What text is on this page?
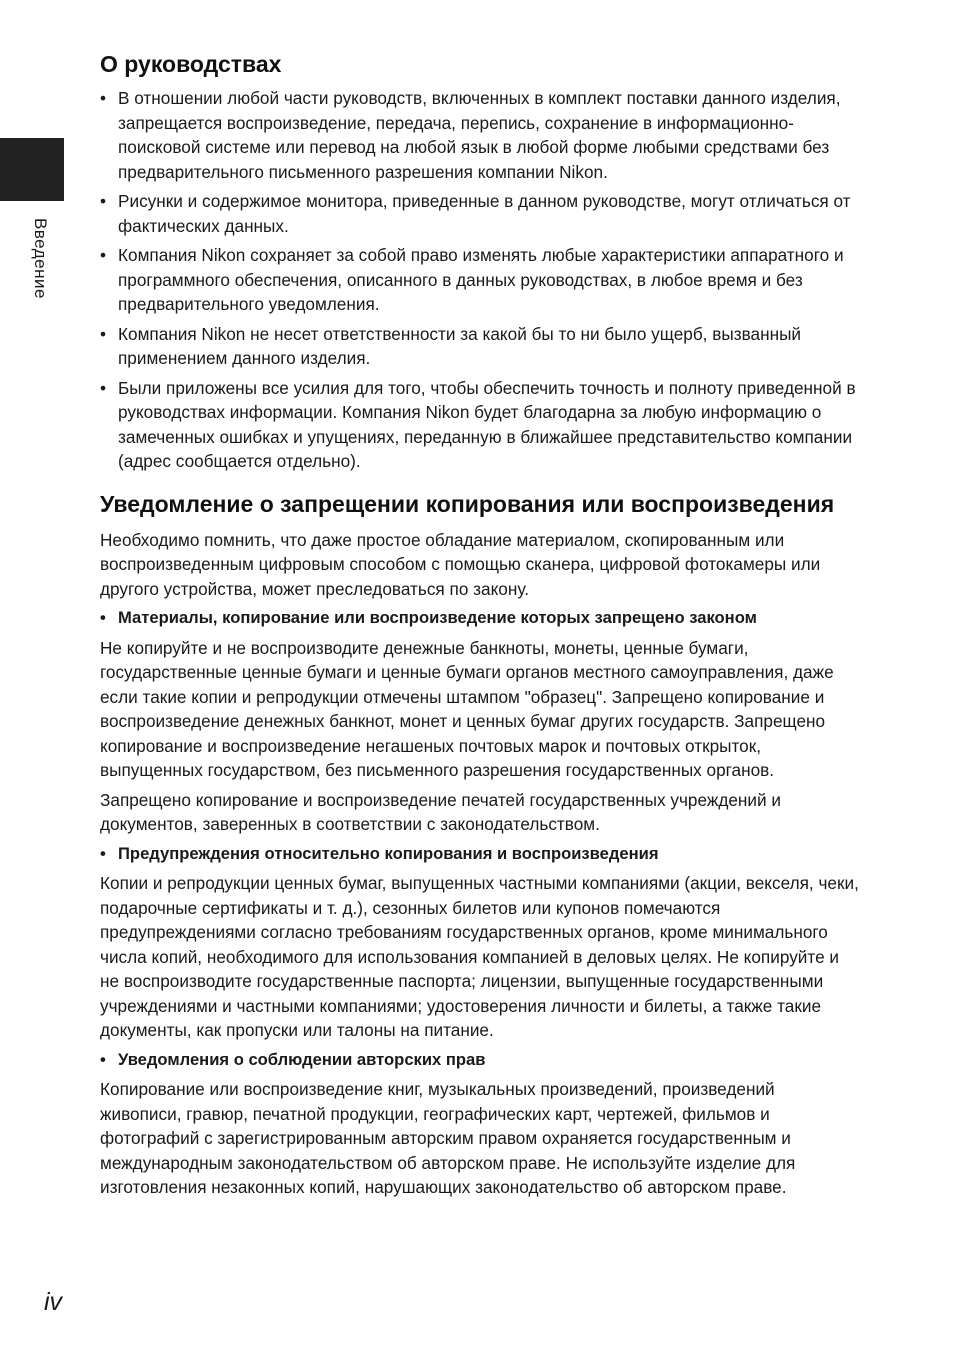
Введение
О руководствах
• В отношении любой части руководств, включенных в комплект поставки данного изделия, запрещается воспроизведение, передача, перепись, сохранение в информационно-поисковой системе или перевод на любой язык в любой форме любыми средствами без предварительного письменного разрешения компании Nikon.
• Рисунки и содержимое монитора, приведенные в данном руководстве, могут отличаться от фактических данных.
• Компания Nikon сохраняет за собой право изменять любые характеристики аппаратного и программного обеспечения, описанного в данных руководствах, в любое время и без предварительного уведомления.
• Компания Nikon не несет ответственности за какой бы то ни было ущерб, вызванный применением данного изделия.
• Были приложены все усилия для того, чтобы обеспечить точность и полноту приведенной в руководствах информации. Компания Nikon будет благодарна за любую информацию о замеченных ошибках и упущениях, переданную в ближайшее представительство компании (адрес сообщается отдельно).
Уведомление о запрещении копирования или воспроизведения

Необходимо помнить, что даже простое обладание материалом, скопированным или воспроизведенным цифровым способом с помощью сканера, цифровой фотокамеры или другого устройства, может преследоваться по закону.

• Материалы, копирование или воспроизведение которых запрещено законом

Не копируйте и не воспроизводите денежные банкноты, монеты, ценные бумаги, государственные ценные бумаги и ценные бумаги органов местного самоуправления, даже если такие копии и репродукции отмечены штампом "образец". Запрещено копирование и воспроизведение денежных банкнот, монет и ценных бумаг других государств. Запрещено копирование и воспроизведение негашеных почтовых марок и почтовых открыток, выпущенных государством, без письменного разрешения государственных органов.

Запрещено копирование и воспроизведение печатей государственных учреждений и документов, заверенных в соответствии с законодательством.

• Предупреждения относительно копирования и воспроизведения

Копии и репродукции ценных бумаг, выпущенных частными компаниями (акции, векселя, чеки, подарочные сертификаты и т. д.), сезонных билетов или купонов помечаются предупреждениями согласно требованиям государственных органов, кроме минимального числа копий, необходимого для использования компанией в деловых целях. Не копируйте и не воспроизводите государственные паспорта; лицензии, выпущенные государственными учреждениями и частными компаниями; удостоверения личности и билеты, а также такие документы, как пропуски или талоны на питание.

• Уведомления о соблюдении авторских прав

Копирование или воспроизведение книг, музыкальных произведений, произведений живописи, гравюр, печатной продукции, географических карт, чертежей, фильмов и фотографий с зарегистрированным авторским правом охраняется государственным и международным законодательством об авторском праве. Не используйте изделие для изготовления незаконных копий, нарушающих законодательство об авторском праве.

iv
